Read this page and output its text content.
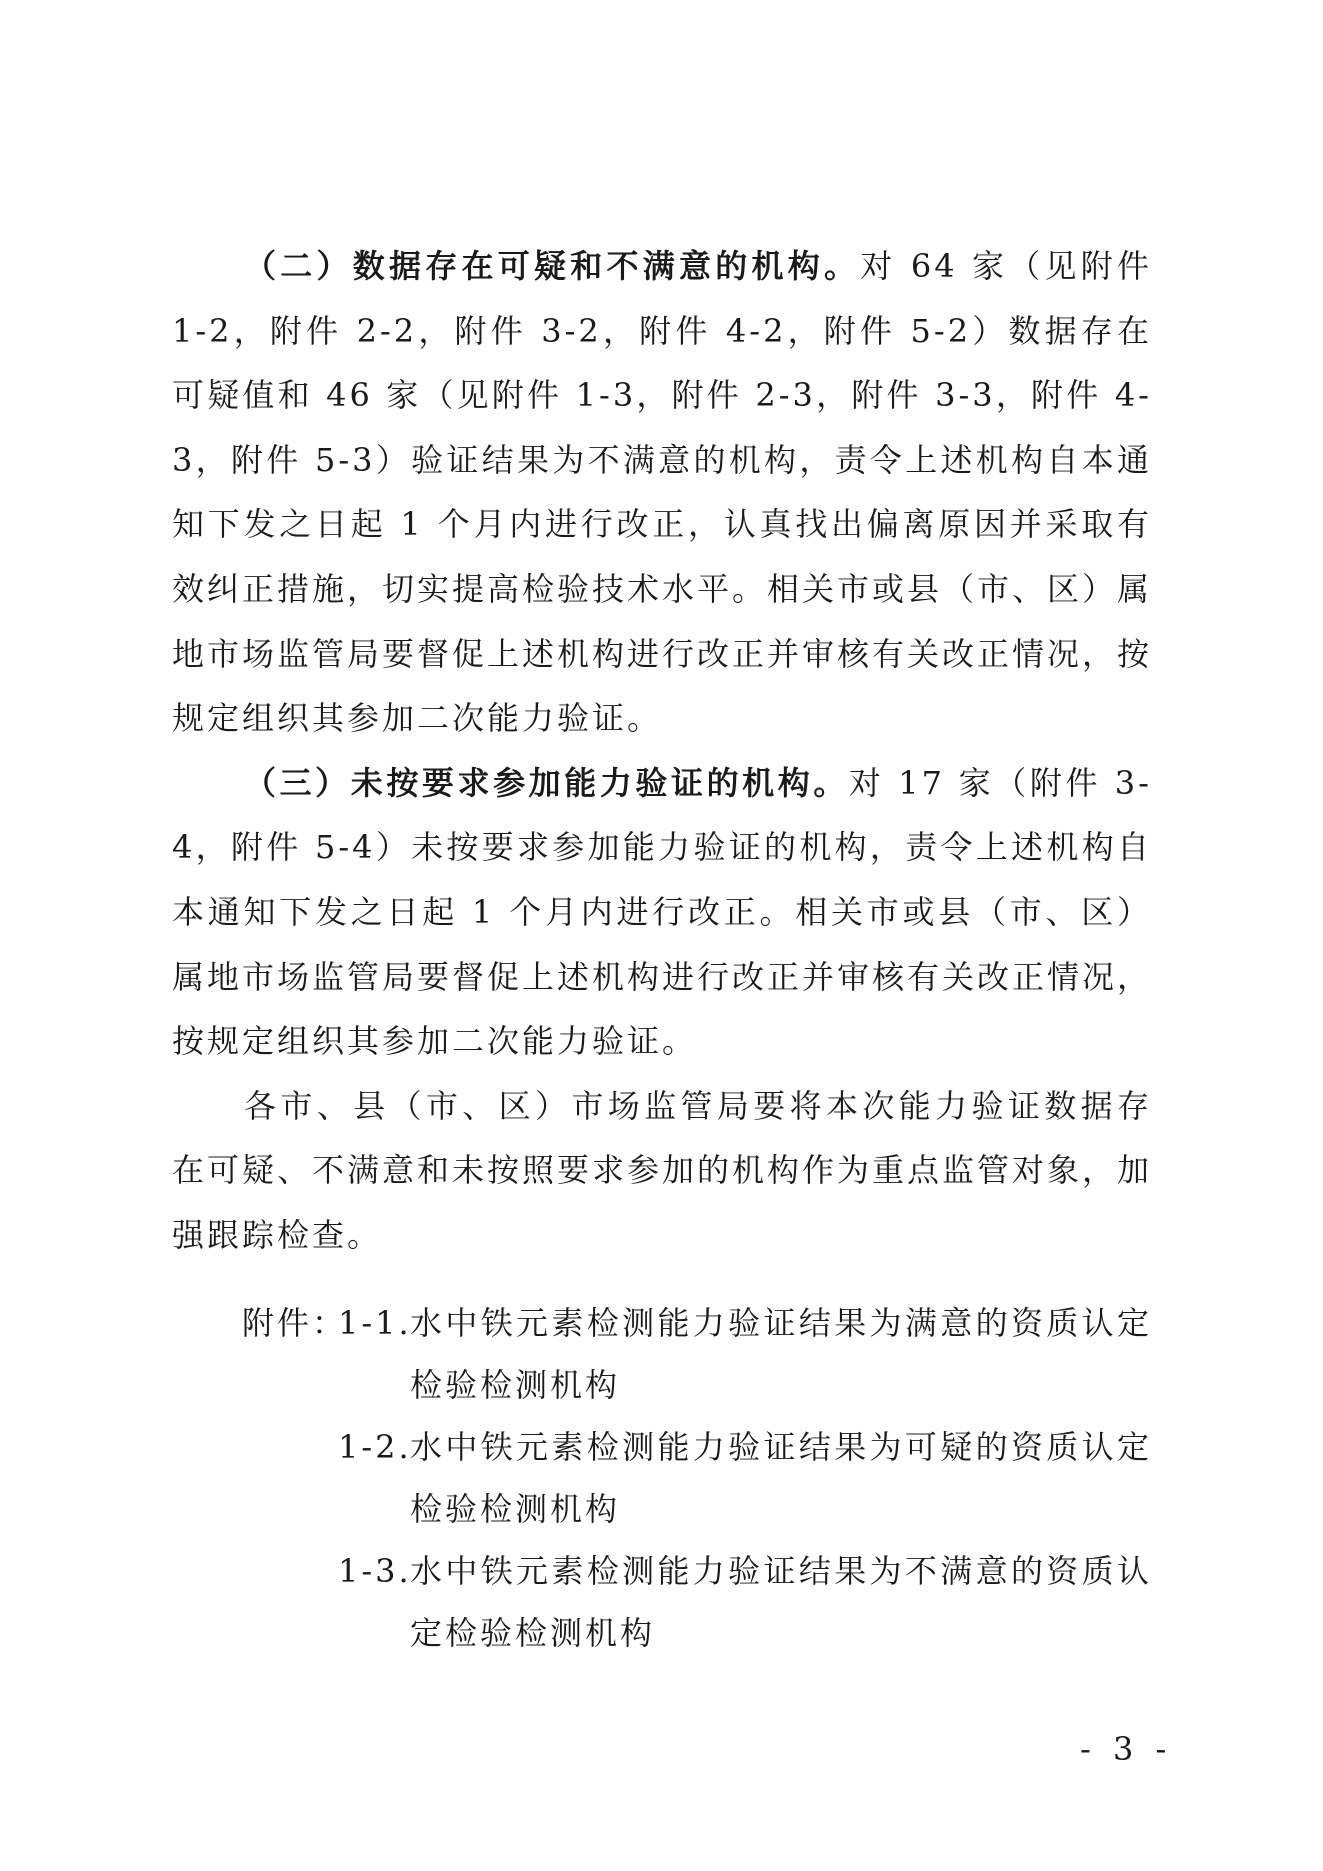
（二）数据存在可疑和不满意的机构。对 64 家（见附件 1-2，附件 2-2，附件 3-2，附件 4-2，附件 5-2）数据存在可疑值和 46 家（见附件 1-3，附件 2-3，附件 3-3，附件 4-3，附件 5-3）验证结果为不满意的机构，责令上述机构自本通知下发之日起 1 个月内进行改正，认真找出偏离原因并采取有效纠正措施，切实提高检验技术水平。相关市或县（市、区）属地市场监管局要督促上述机构进行改正并审核有关改正情况，按规定组织其参加二次能力验证。

（三）未按要求参加能力验证的机构。对 17 家（附件 3-4，附件 5-4）未按要求参加能力验证的机构，责令上述机构自本通知下发之日起 1 个月内进行改正。相关市或县（市、区）属地市场监管局要督促上述机构进行改正并审核有关改正情况，按规定组织其参加二次能力验证。

各市、县（市、区）市场监管局要将本次能力验证数据存在可疑、不满意和未按照要求参加的机构作为重点监管对象，加强跟踪检查。

附件：
1-1.
水中铁元素检测能力验证结果为满意的资质认定检验检测机构
1-2.
水中铁元素检测能力验证结果为可疑的资质认定检验检测机构
1-3.
水中铁元素检测能力验证结果为不满意的资质认定检验检测机构
- 3 -
